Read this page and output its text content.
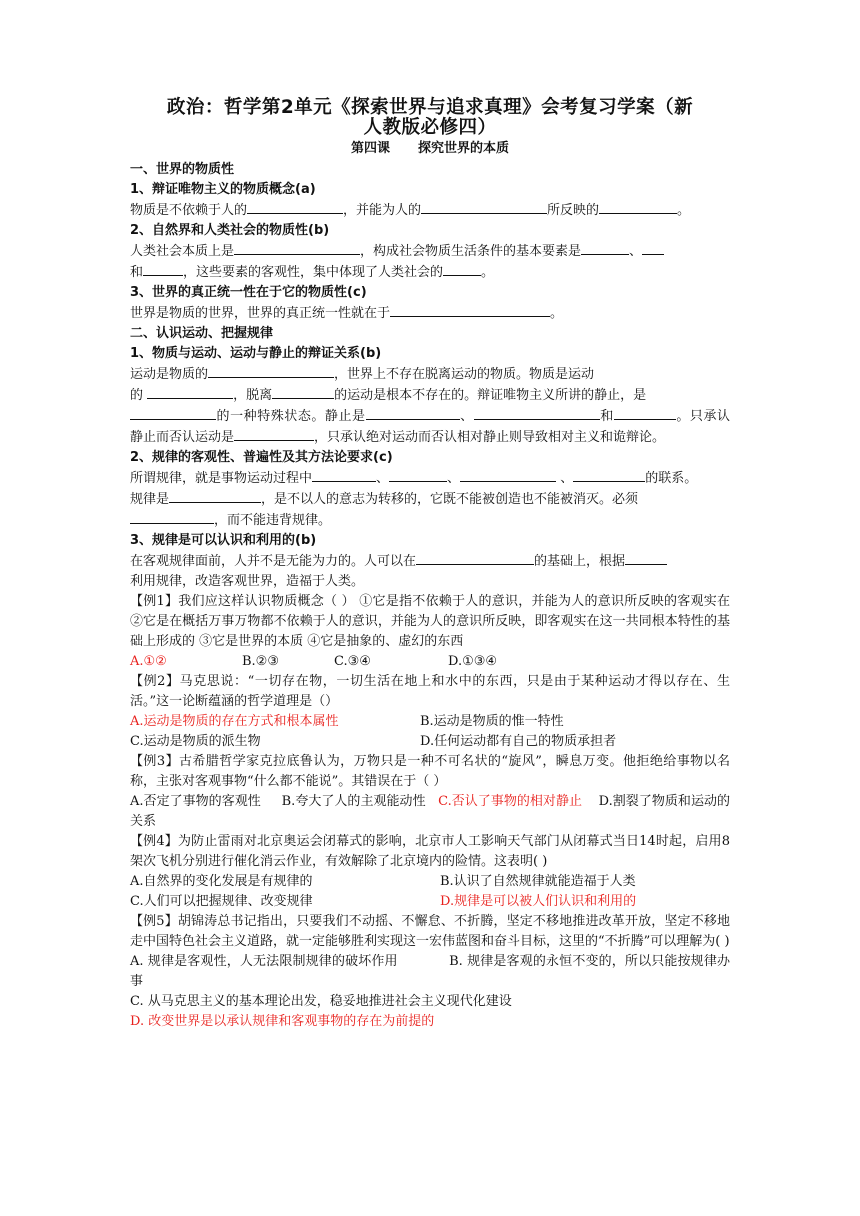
政治：哲学第2单元《探索世界与追求真理》会考复习学案（新
人教版必修四）
第四课 探究世界的本质
一、世界的物质性
1、辩证唯物主义的物质概念(a)

物质是不依赖于人的	，并能为人的	所反映的	。

2、自然界和人类社会的物质性(b)

人类社会本质上是	，构成社会物质生活条件的基本要素是	、
和	，这些要素的客观性，集中体现了人类社会的	。

3、世界的真正统一性在于它的物质性(c)

世界是物质的世界，世界的真正统一性就在于	。

二、认识运动、把握规律
1、物质与运动、运动与静止的辩证关系(b)

运动是物质的	，世界上不存在脱离运动的物质。物质是运动
的	，脱离	的运动是根本不存在的。辩证唯物主义所讲的静止，是
的一种特殊状态。静止是	、	和	。只承认静止而否认运动是	，只承认绝对运动而否认相对静止则导致相对主义和诡辩论。

2、规律的客观性、普遍性及其方法论要求(c)

所谓规律，就是事物运动过程中	、	、	、	的联系。
规律是	，是不以人的意志为转移的，它既不能被创造也不能被消灭。必须
，而不能违背规律。

3、规律是可以认识和利用的(b)

在客观规律面前，人并不是无能为力的。人可以在	的基础上，根据
利用规律，改造客观世界，造福于人类。

【例1】我们应这样认识物质概念（ ） ①它是指不依赖于人的意识，并能为人的意识所反映的客观实在 ②它是在概括万事万物都不依赖于人的意识，并能为人的意识所反映，即客观实在这一共同根本特性的基础上形成的 ③它是世界的本质 ④它是抽象的、虚幻的东西

A.①②	B.②③	C.③④	D.①③④

【例2】马克思说：“一切存在物，一切生活在地上和水中的东西，只是由于某种运动才得以存在、生活。”这一论断蕴涵的哲学道理是（）

A.运动是物质的存在方式和根本属性	B.运动是物质的惟一特性
C.运动是物质的派生物	D.任何运动都有自己的物质承担者

【例3】古希腊哲学家克拉底鲁认为，万物只是一种不可名状的“旋风”，瞬息万变。他拒绝给事物以名称，主张对客观事物“什么都不能说”。其错误在于（ ）

A.否定了事物的客观性 B.夸大了人的主观能动性 C.否认了事物的相对静止 D.割裂了物质和运动的关系

【例4】为防止雷雨对北京奥运会闭幕式的影响，北京市人工影响天气部门从闭幕式当日14时起，启用8架次飞机分别进行催化消云作业，有效解除了北京境内的险情。这表明( )

A.自然界的变化发展是有规律的	B.认识了自然规律就能造福于人类
C.人们可以把握规律、改变规律	D.规律是可以被人们认识和利用的

【例5】胡锦涛总书记指出，只要我们不动摇、不懈怠、不折腾，坚定不移地推进改革开放，坚定不移地走中国特色社会主义道路，就一定能够胜利实现这一宏伟蓝图和奋斗目标，这里的“不折腾”可以理解为( )

A. 规律是客观性，人无法限制规律的破坏作用	B. 规律是客观的永恒不变的，所以只能按规律办事

C. 从马克思主义的基本理论出发，稳妥地推进社会主义现代化建设

D. 改变世界是以承认规律和客观事物的存在为前提的
